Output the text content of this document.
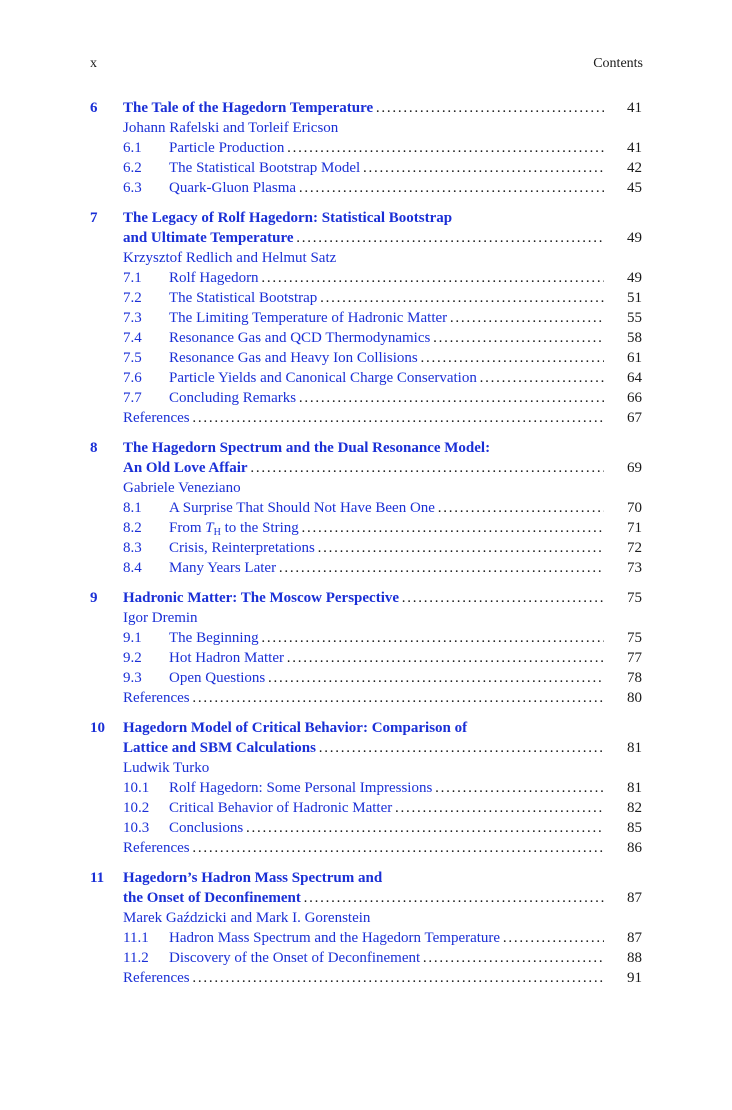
x	Contents
6 The Tale of the Hagedorn Temperature . . .	41
Johann Rafelski and Torleif Ericson
6.1 Particle Production . . .	41
6.2 The Statistical Bootstrap Model . . .	42
6.3 Quark-Gluon Plasma . . .	45
7 The Legacy of Rolf Hagedorn: Statistical Bootstrap
and Ultimate Temperature . . .	49
Krzysztof Redlich and Helmut Satz
7.1 Rolf Hagedorn . . .	49
7.2 The Statistical Bootstrap . . .	51
7.3 The Limiting Temperature of Hadronic Matter . . .	55
7.4 Resonance Gas and QCD Thermodynamics . . .	58
7.5 Resonance Gas and Heavy Ion Collisions . . .	61
7.6 Particle Yields and Canonical Charge Conservation . . .	64
7.7 Concluding Remarks . . .	66
References . . .	67
8 The Hagedorn Spectrum and the Dual Resonance Model:
An Old Love Affair . . .	69
Gabriele Veneziano
8.1 A Surprise That Should Not Have Been One . . .	70
8.2 From $T_H$ to the String . . .	71
8.3 Crisis, Reinterpretations . . .	72
8.4 Many Years Later . . .	73
9 Hadronic Matter: The Moscow Perspective . . .	75
Igor Dremin
9.1 The Beginning . . .	75
9.2 Hot Hadron Matter . . .	77
9.3 Open Questions . . .	78
References . . .	80
10 Hagedorn Model of Critical Behavior: Comparison of
Lattice and SBM Calculations . . .	81
Ludwik Turko
10.1 Rolf Hagedorn: Some Personal Impressions . . .	81
10.2 Critical Behavior of Hadronic Matter . . .	82
10.3 Conclusions . . .	85
References . . .	86
11 Hagedorn’s Hadron Mass Spectrum and
the Onset of Deconfinement . . .	87
Marek Gaździcki and Mark I. Gorenstein
11.1 Hadron Mass Spectrum and the Hagedorn Temperature . . .	87
11.2 Discovery of the Onset of Deconfinement . . .	88
References . . .	91
